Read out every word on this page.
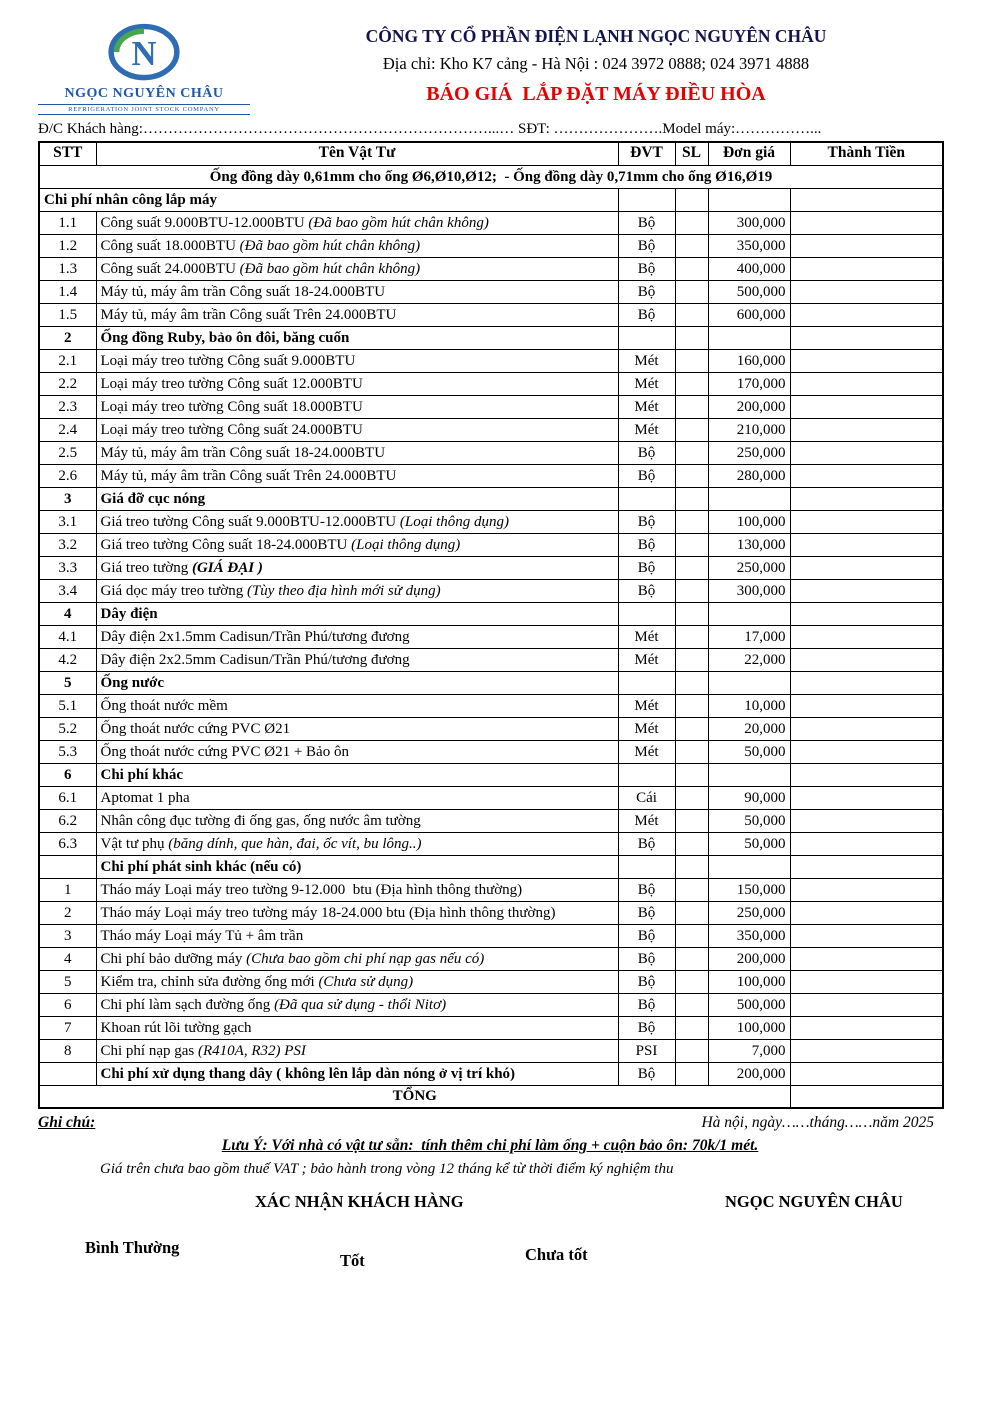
N
NGỌC NGUYÊN CHÂU
REFRIGERATION JOINT STOCK COMPANY
CÔNG TY CỔ PHẦN ĐIỆN LẠNH NGỌC NGUYÊN CHÂU
Địa chỉ: Kho K7 cảng - Hà Nội : 024 3972 0888; 024 3971 4888
BÁO GIÁ  LẮP ĐẶT MÁY ĐIỀU HÒA
Đ/C Khách hàng:……………………………………………………………...… SĐT: ………………….Model máy:……………...
STT	Tên Vật Tư	ĐVT	SL	Đơn giá	Thành Tiền
Ống đồng dày 0,61mm cho ống Ø6,Ø10,Ø12;  - Ống đồng dày 0,71mm cho ống Ø16,Ø19					
Chi phí nhân công lắp máy					
1.1	Công suất 9.000BTU-12.000BTU (Đã bao gồm hút chân không)	Bộ		300,000	
1.2	Công suất 18.000BTU (Đã bao gồm hút chân không)	Bộ		350,000	
1.3	Công suất 24.000BTU (Đã bao gồm hút chân không)	Bộ		400,000	
1.4	Máy tủ, máy âm trần Công suất 18-24.000BTU	Bộ		500,000	
1.5	Máy tủ, máy âm trần Công suất Trên 24.000BTU	Bộ		600,000	
2	Ống đồng Ruby, bảo ôn đôi, băng cuốn				
2.1	Loại máy treo tường Công suất 9.000BTU	Mét		160,000	
2.2	Loại máy treo tường Công suất 12.000BTU	Mét		170,000	
2.3	Loại máy treo tường Công suất 18.000BTU	Mét		200,000	
2.4	Loại máy treo tường Công suất 24.000BTU	Mét		210,000	
2.5	Máy tủ, máy âm trần Công suất 18-24.000BTU	Bộ		250,000	
2.6	Máy tủ, máy âm trần Công suất Trên 24.000BTU	Bộ		280,000	
3	Giá đỡ cục nóng				
3.1	Giá treo tường Công suất 9.000BTU-12.000BTU (Loại thông dụng)	Bộ		100,000	
3.2	Giá treo tường Công suất 18-24.000BTU (Loại thông dụng)	Bộ		130,000	
3.3	Giá treo tường (GIÁ ĐẠI )	Bộ		250,000	
3.4	Giá dọc máy treo tường (Tùy theo địa hình mới sử dụng)	Bộ		300,000	
4	Dây điện				
4.1	Dây điện 2x1.5mm Cadisun/Trần Phú/tương đương	Mét		17,000	
4.2	Dây điện 2x2.5mm Cadisun/Trần Phú/tương đương	Mét		22,000	
5	Ống nước				
5.1	Ống thoát nước mềm	Mét		10,000	
5.2	Ống thoát nước cứng PVC Ø21	Mét		20,000	
5.3	Ống thoát nước cứng PVC Ø21 + Bảo ôn	Mét		50,000	
6	Chi phí khác				
6.1	Aptomat 1 pha	Cái		90,000	
6.2	Nhân công đục tường đi ống gas, ống nước âm tường	Mét		50,000	
6.3	Vật tư phụ (băng dính, que hàn, đai, ốc vít, bu lông..)	Bộ		50,000	
	Chi phí phát sinh khác (nếu có)				
1	Tháo máy Loại máy treo tường 9-12.000  btu (Địa hình thông thường)	Bộ		150,000	
2	Tháo máy Loại máy treo tường máy 18-24.000 btu (Địa hình thông thường)	Bộ		250,000	
3	Tháo máy Loại máy Tủ + âm trần	Bộ		350,000	
4	Chi phí bảo dưỡng máy (Chưa bao gồm chi phí nạp gas nếu có)	Bộ		200,000	
5	Kiểm tra, chỉnh sửa đường ống mới (Chưa sử dụng)	Bộ		100,000	
6	Chi phí làm sạch đường ống (Đã qua sử dụng - thổi Nitơ)	Bộ		500,000	
7	Khoan rút lõi tường gạch	Bộ		100,000	
8	Chi phí nạp gas (R410A, R32) PSI	PSI		7,000	
	Chi phí xử dụng thang dây ( không lên lắp dàn nóng ở vị trí khó)	Bộ		200,000	
TỔNG					
Ghi chú:	Hà nội, ngày……tháng……năm 2025
Lưu Ý: Với nhà có vật tư sẵn:  tính thêm chi phí làm ống + cuộn bảo ôn: 70k/1 mét.
Giá trên chưa bao gồm thuế VAT ; bảo hành trong vòng 12 tháng kể từ thời điểm ký nghiệm thu
XÁC NHẬN KHÁCH HÀNG	NGỌC NGUYÊN CHÂU
Bình Thường
Tốt	Chưa tốt
